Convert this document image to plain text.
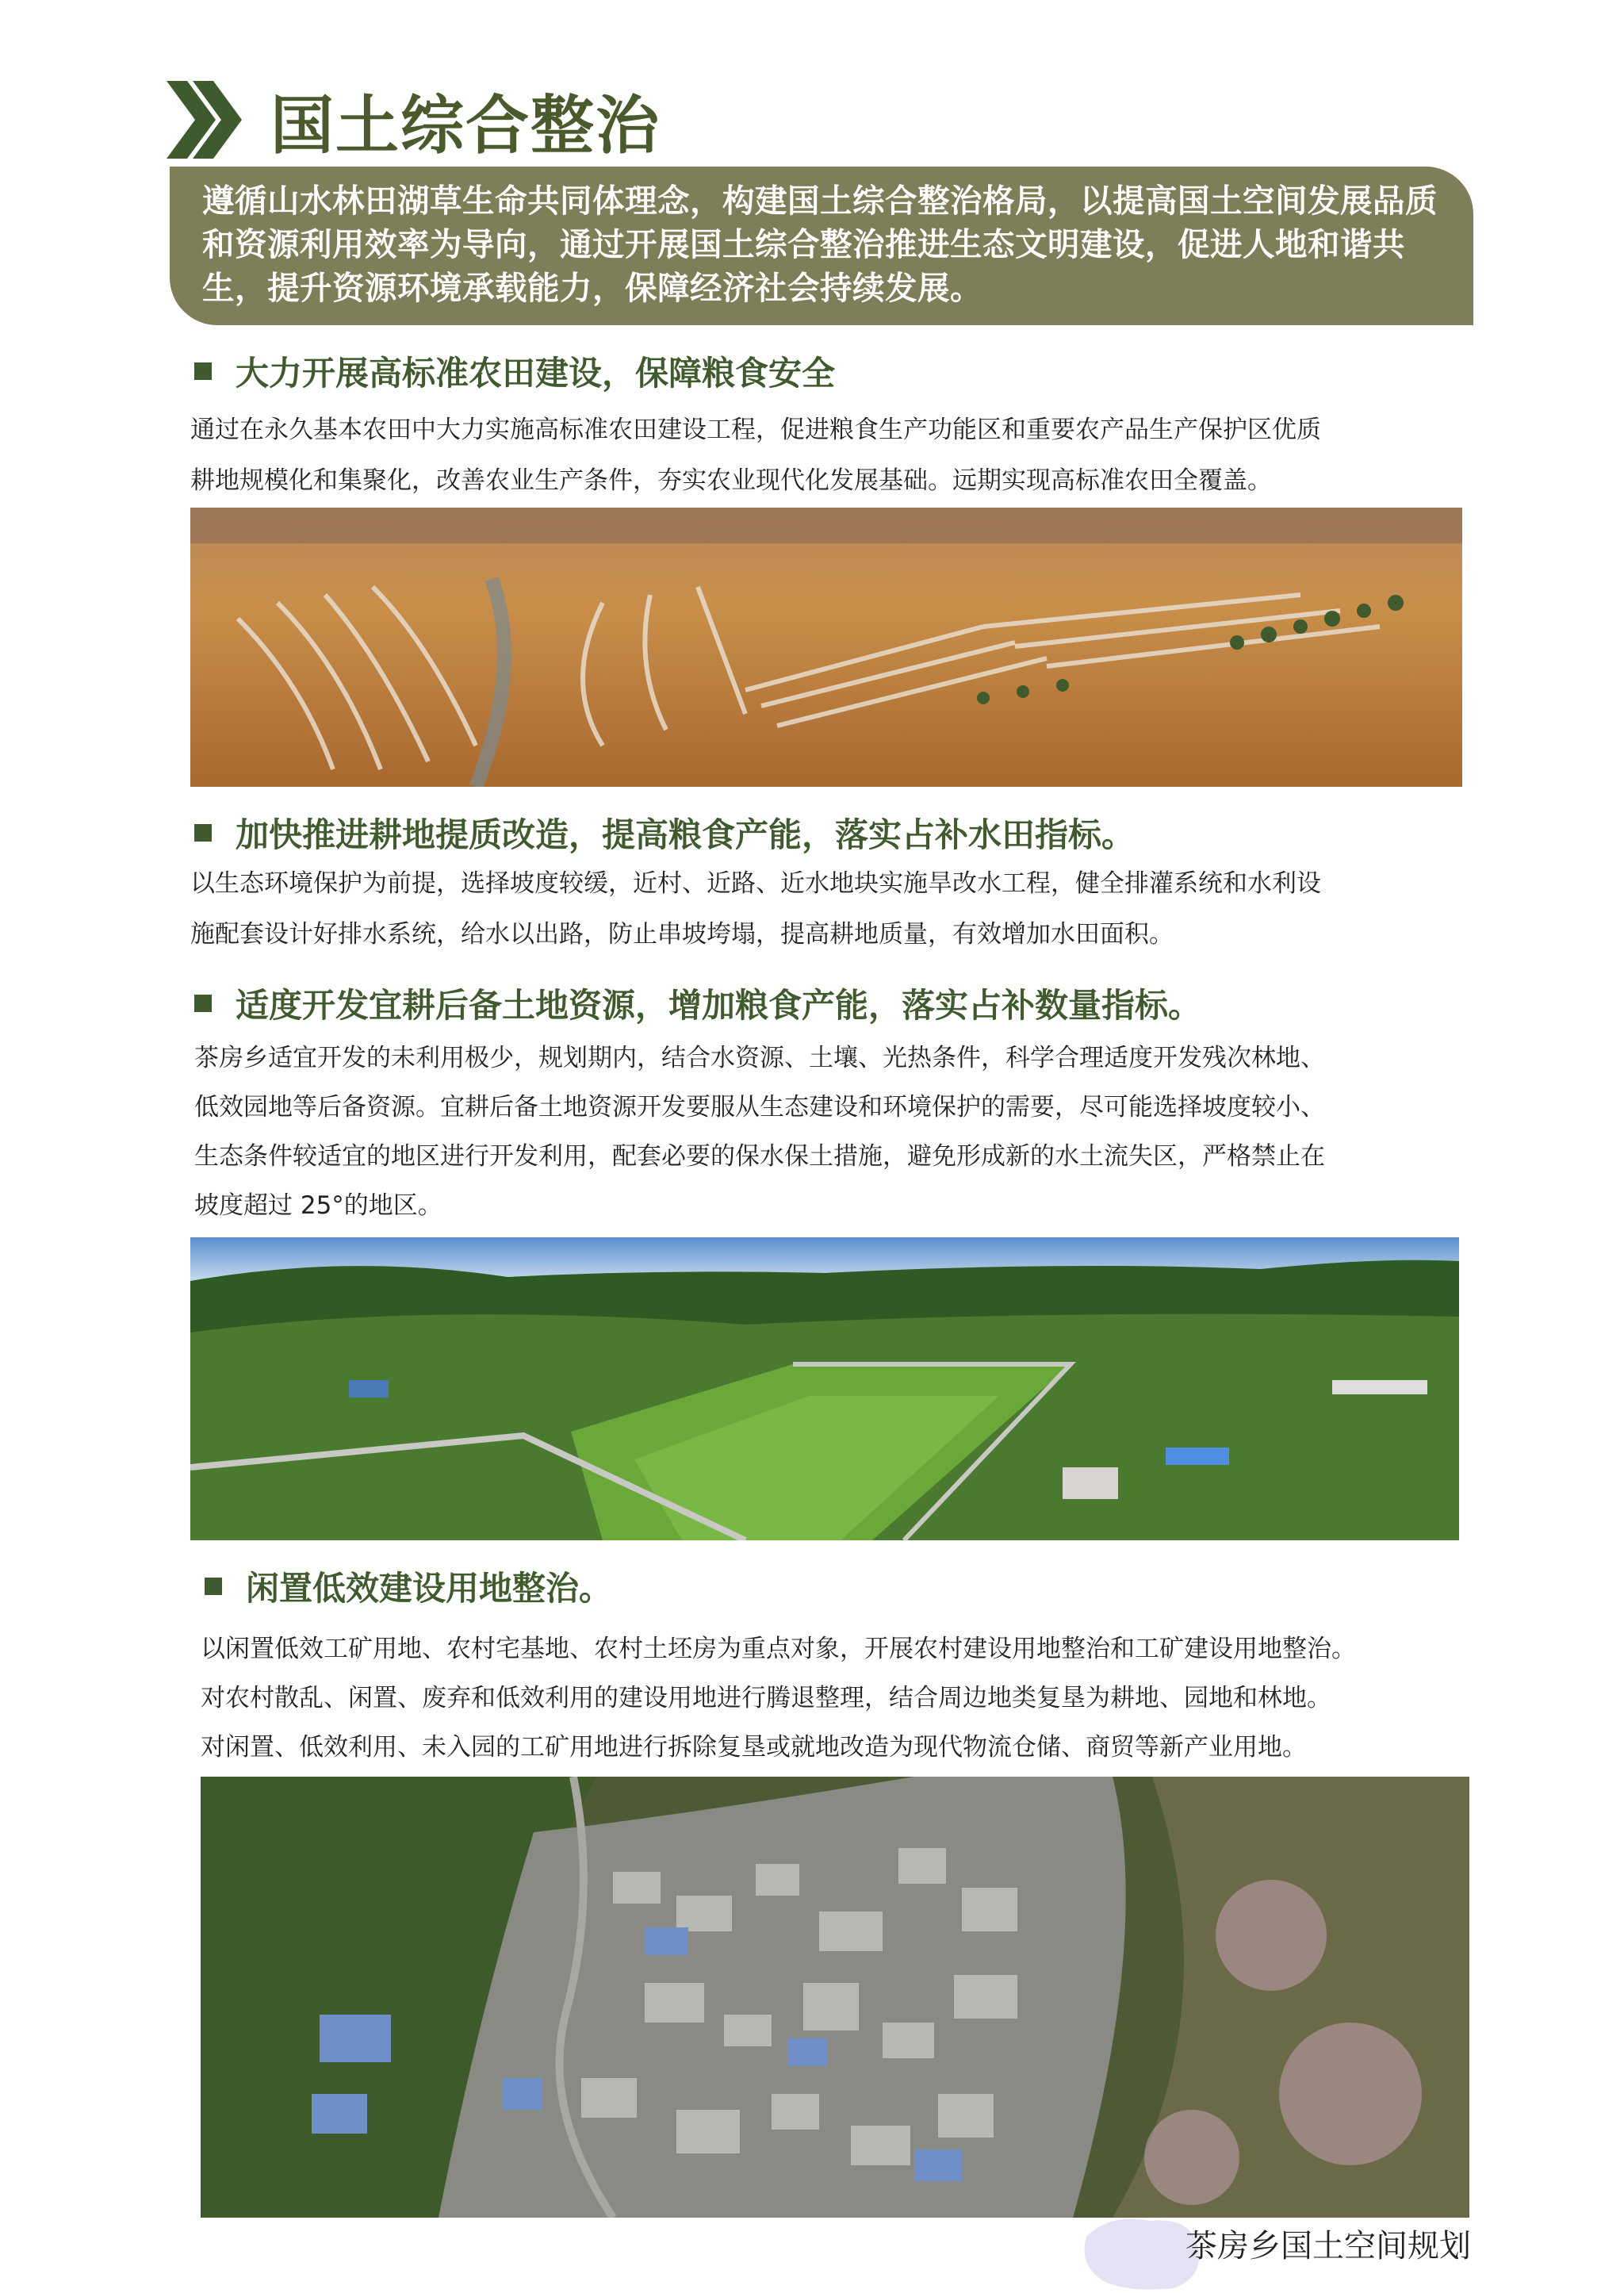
国土综合整治
遵循山水林田湖草生命共同体理念，构建国土综合整治格局，以提高国土空间发展品质和资源利用效率为导向，通过开展国土综合整治推进生态文明建设，促进人地和谐共生，提升资源环境承载能力，保障经济社会持续发展。
大力开展高标准农田建设，保障粮食安全
通过在永久基本农田中大力实施高标准农田建设工程，促进粮食生产功能区和重要农产品生产保护区优质
耕地规模化和集聚化，改善农业生产条件，夯实农业现代化发展基础。远期实现高标准农田全覆盖。
加快推进耕地提质改造，提高粮食产能，落实占补水田指标。
以生态环境保护为前提，选择坡度较缓，近村、近路、近水地块实施旱改水工程，健全排灌系统和水利设
施配套设计好排水系统，给水以出路，防止串坡垮塌，提高耕地质量，有效增加水田面积。
适度开发宜耕后备土地资源，增加粮食产能，落实占补数量指标。
茶房乡适宜开发的未利用极少，规划期内，结合水资源、土壤、光热条件，科学合理适度开发残次林地、
低效园地等后备资源。宜耕后备土地资源开发要服从生态建设和环境保护的需要，尽可能选择坡度较小、
生态条件较适宜的地区进行开发利用，配套必要的保水保土措施，避免形成新的水土流失区，严格禁止在
坡度超过 25°的地区。
闲置低效建设用地整治。
以闲置低效工矿用地、农村宅基地、农村土坯房为重点对象，开展农村建设用地整治和工矿建设用地整治。
对农村散乱、闲置、废弃和低效利用的建设用地进行腾退整理，结合周边地类复垦为耕地、园地和林地。
对闲置、低效利用、未入园的工矿用地进行拆除复垦或就地改造为现代物流仓储、商贸等新产业用地。
茶房乡国土空间规划
